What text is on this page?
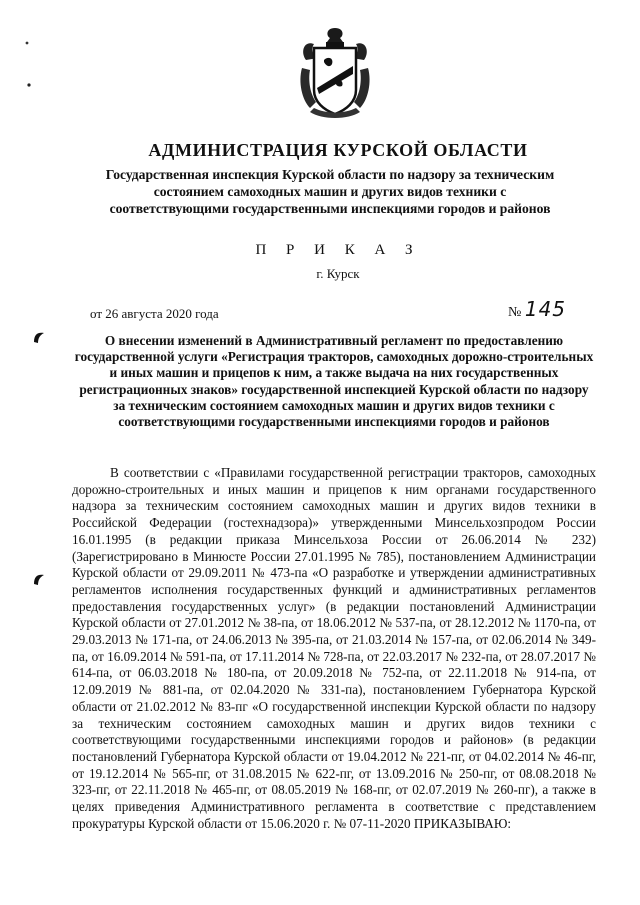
АДМИНИСТРАЦИЯ КУРСКОЙ ОБЛАСТИ
Государственная инспекция Курской области по надзору за техническим состоянием самоходных машин и других видов техники с соответствующими государственными инспекциями городов и районов
П Р И К А З
г. Курск
от 26 августа 2020 года	№ 145
О внесении изменений в Административный регламент по предоставлению государственной услуги «Регистрация тракторов, самоходных дорожно-строительных и иных машин и прицепов к ним, а также выдача на них государственных регистрационных знаков» государственной инспекцией Курской области по надзору за техническим состоянием самоходных машин и других видов техники с соответствующими государственными инспекциями городов и районов

В соответствии с «Правилами государственной регистрации тракторов, самоходных дорожно-строительных и иных машин и прицепов к ним органами государственного надзора за техническим состоянием самоходных машин и других видов техники в Российской Федерации (гостехнадзора)» утвержденными Минсельхозпродом России 16.01.1995 (в редакции приказа Минсельхоза России от 26.06.2014 № 232) (Зарегистрировано в Минюсте России 27.01.1995 № 785), постановлением Администрации Курской области от 29.09.2011 № 473-па «О разработке и утверждении административных регламентов исполнения государственных функций и административных регламентов предоставления государственных услуг» (в редакции постановлений Администрации Курской области от 27.01.2012 № 38-па, от 18.06.2012 № 537-па, от 28.12.2012 № 1170-па, от 29.03.2013 № 171-па, от 24.06.2013 № 395-па, от 21.03.2014 № 157-па, от 02.06.2014 № 349-па, от 16.09.2014 № 591-па, от 17.11.2014 № 728-па, от 22.03.2017 № 232-па, от 28.07.2017 № 614-па, от 06.03.2018 № 180-па, от 20.09.2018 № 752-па, от 22.11.2018 № 914-па, от 12.09.2019 № 881-па, от 02.04.2020 № 331-па), постановлением Губернатора Курской области от 21.02.2012 № 83-пг «О государственной инспекции Курской области по надзору за техническим состоянием самоходных машин и других видов техники с соответствующими государственными инспекциями городов и районов» (в редакции постановлений Губернатора Курской области от 19.04.2012 № 221-пг, от 04.02.2014 № 46-пг, от 19.12.2014 № 565-пг, от 31.08.2015 № 622-пг, от 13.09.2016 № 250-пг, от 08.08.2018 № 323-пг, от 22.11.2018 № 465-пг, от 08.05.2019 № 168-пг, от 02.07.2019 № 260-пг), а также в целях приведения Административного регламента в соответствие с представлением прокуратуры Курской области от 15.06.2020 г. № 07-11-2020 ПРИКАЗЫВАЮ:
